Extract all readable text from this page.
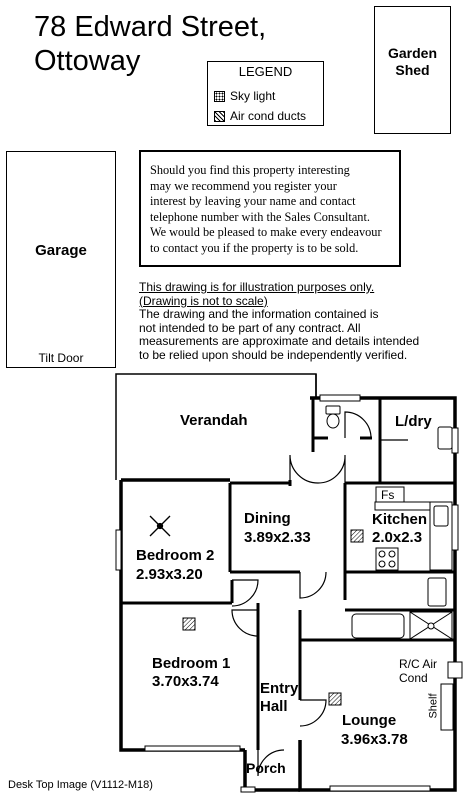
78 Edward Street,
Ottoway	LEGEND
Sky light
Air cond ducts
Garden
Shed
Garage
Tilt Door
Should you find this property interesting
may we recommend you register your
interest by leaving your name and contact
telephone number with the Sales Consultant.
We would be pleased to make every endeavour
to contact you if the property is to be sold.
This drawing is for illustration purposes only.
(Drawing is not to scale)
The drawing and the information contained is
not intended to be part of any contract. All
measurements are approximate and details intended
to be relied upon should be independently verified.
Verandah	L/dry
Dining
3.89x2.33
Kitchen
2.0x2.3
Fs
Bedroom 2
2.93x3.20
Bedroom 1
3.70x3.74	Entry
Hall
Lounge
3.96x3.78
R/C Air
Cond
Shelf
Porch
Desk Top Image (V1112-M18)
